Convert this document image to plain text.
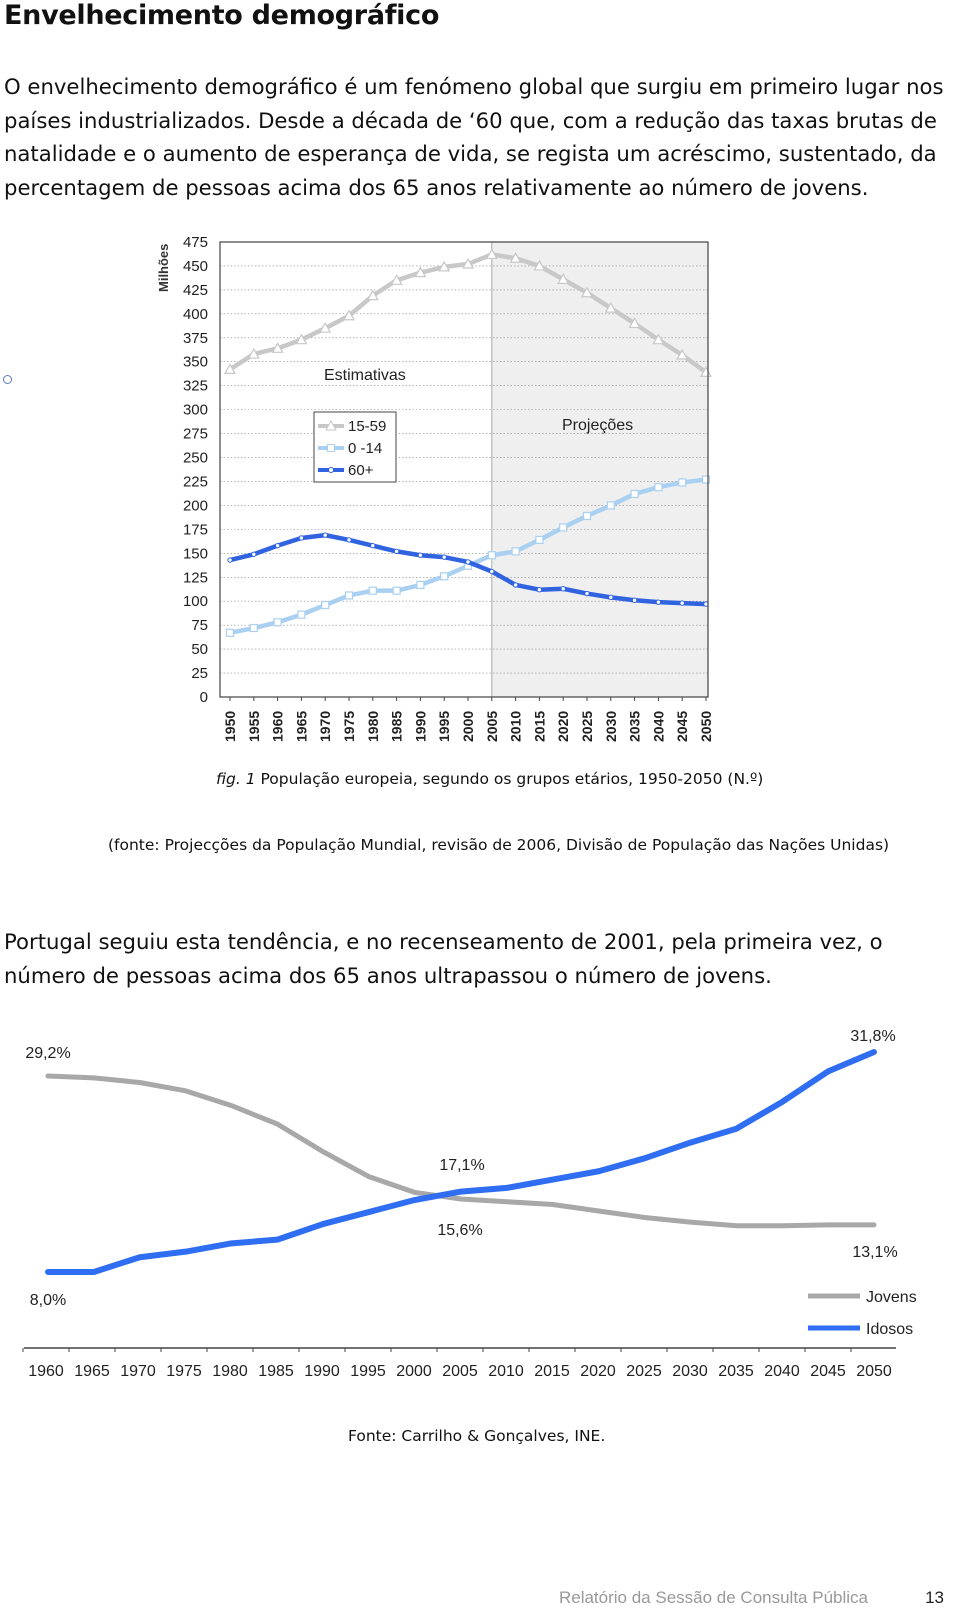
Envelhecimento demográfico
O envelhecimento demográfico é um fenómeno global que surgiu em primeiro lugar nos países industrializados. Desde a década de ‘60 que, com a redução das taxas brutas de natalidade e o aumento de esperança de vida, se regista um acréscimo, sustentado, da percentagem de pessoas acima dos 65 anos relativamente ao número de jovens.
0
25
50
75
100
125
150
175
200
225
250
275
300
325
350
375
400
425
450
475
1950 1955 1960 1965 1970 1975 1980 1985 1990 1995 2000 2005 2010 2015 2020 2025 2030 2035 2040 2045 2050
Milhões
Estimativas
Projeções
15-59
0 -14
60+
fig. 1 População europeia, segundo os grupos etários, 1950-2050 (N.º)
(fonte: Projecções da População Mundial, revisão de 2006, Divisão de População das Nações Unidas)
Portugal seguiu esta tendência, e no recenseamento de 2001, pela primeira vez, o número de pessoas acima dos 65 anos ultrapassou o número de jovens.
1960 1965 1970 1975 1980 1985 1990 1995 2000 2005 2010 2015 2020 2025 2030 2035 2040 2045 2050
29,2%
31,8%
17,1%
15,6%
13,1%
8,0%	Jovens
Idosos
Fonte: Carrilho & Gonçalves, INE.
Relatório da Sessão de Consulta Pública	13
